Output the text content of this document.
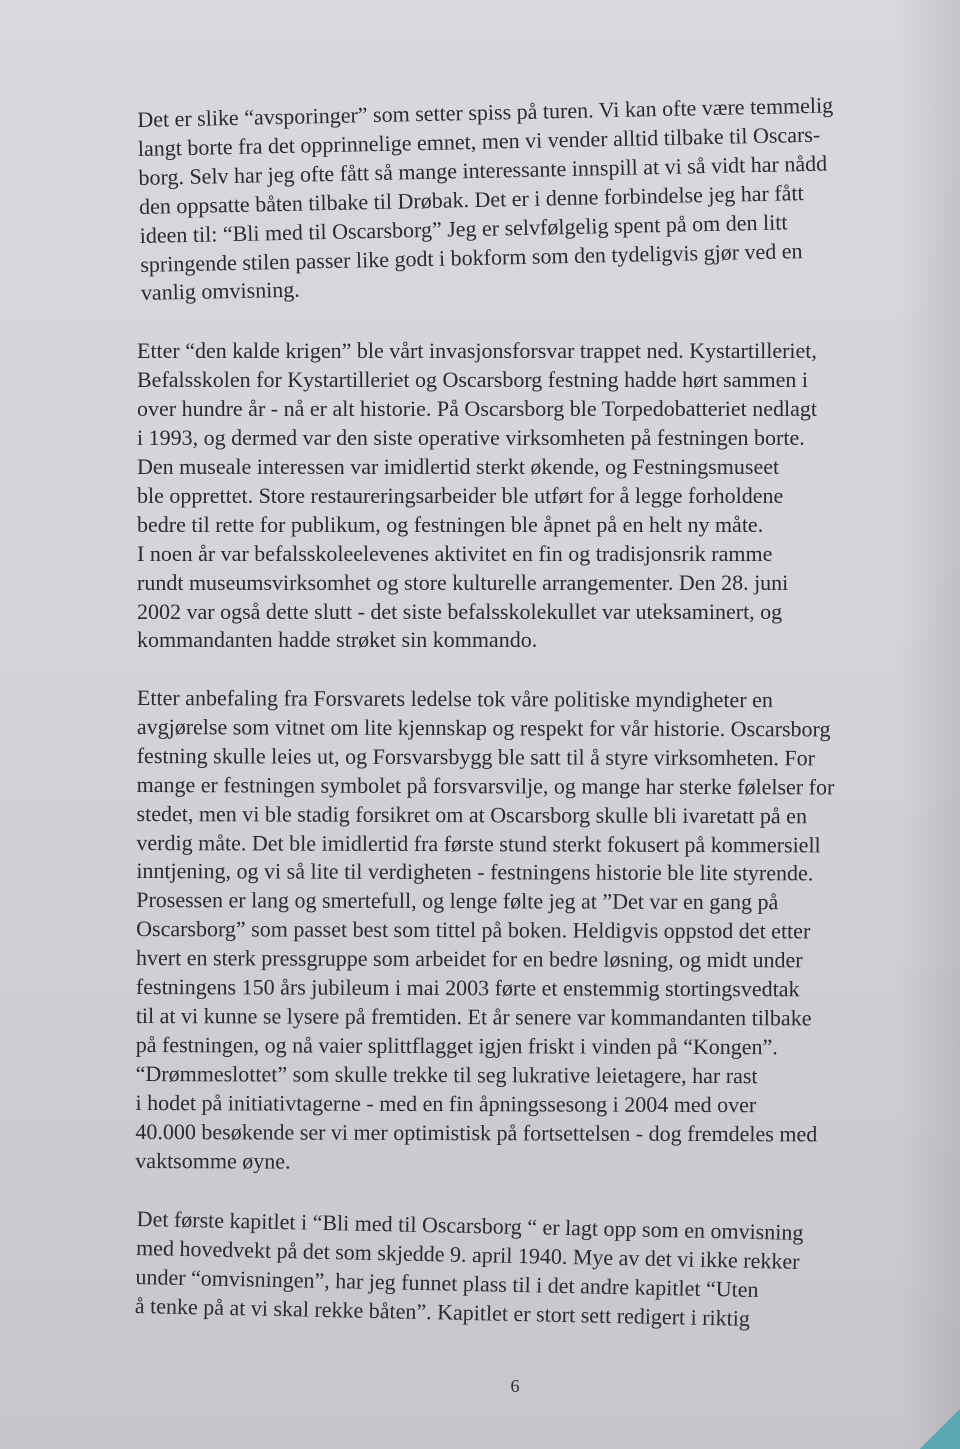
Det er slike “avsporinger” som setter spiss på turen. Vi kan ofte være temmelig
langt borte fra det opprinnelige emnet, men vi vender alltid tilbake til Oscars-
borg. Selv har jeg ofte fått så mange interessante innspill at vi så vidt har nådd
den oppsatte båten tilbake til Drøbak. Det er i denne forbindelse jeg har fått
ideen til: “Bli med til Oscarsborg” Jeg er selvfølgelig spent på om den litt
springende stilen passer like godt i bokform som den tydeligvis gjør ved en
vanlig omvisning.

Etter “den kalde krigen” ble vårt invasjonsforsvar trappet ned. Kystartilleriet,
Befalsskolen for Kystartilleriet og Oscarsborg festning hadde hørt sammen i
over hundre år - nå er alt historie. På Oscarsborg ble Torpedobatteriet nedlagt
i 1993, og dermed var den siste operative virksomheten på festningen borte.
Den museale interessen var imidlertid sterkt økende, og Festningsmuseet
ble opprettet. Store restaureringsarbeider ble utført for å legge forholdene
bedre til rette for publikum, og festningen ble åpnet på en helt ny måte.
I noen år var befalsskoleelevenes aktivitet en fin og tradisjonsrik ramme
rundt museumsvirksomhet og store kulturelle arrangementer. Den 28. juni
2002 var også dette slutt - det siste befalsskolekullet var uteksaminert, og
kommandanten hadde strøket sin kommando.

Etter anbefaling fra Forsvarets ledelse tok våre politiske myndigheter en
avgjørelse som vitnet om lite kjennskap og respekt for vår historie. Oscarsborg
festning skulle leies ut, og Forsvarsbygg ble satt til å styre virksomheten. For
mange er festningen symbolet på forsvarsvilje, og mange har sterke følelser for
stedet, men vi ble stadig forsikret om at Oscarsborg skulle bli ivaretatt på en
verdig måte. Det ble imidlertid fra første stund sterkt fokusert på kommersiell
inntjening, og vi så lite til verdigheten - festningens historie ble lite styrende.
Prosessen er lang og smertefull, og lenge følte jeg at ”Det var en gang på
Oscarsborg” som passet best som tittel på boken. Heldigvis oppstod det etter
hvert en sterk pressgruppe som arbeidet for en bedre løsning, og midt under
festningens 150 års jubileum i mai 2003 førte et enstemmig stortingsvedtak
til at vi kunne se lysere på fremtiden. Et år senere var kommandanten tilbake
på festningen, og nå vaier splittflagget igjen friskt i vinden på “Kongen”.
“Drømmeslottet” som skulle trekke til seg lukrative leietagere, har rast
i hodet på initiativtagerne - med en fin åpningssesong i 2004 med over
40.000 besøkende ser vi mer optimistisk på fortsettelsen - dog fremdeles med
vaktsomme øyne.

Det første kapitlet i “Bli med til Oscarsborg “ er lagt opp som en omvisning
med hovedvekt på det som skjedde 9. april 1940. Mye av det vi ikke rekker
under “omvisningen”, har jeg funnet plass til i det andre kapitlet “Uten
å tenke på at vi skal rekke båten”. Kapitlet er stort sett redigert i riktig

6
